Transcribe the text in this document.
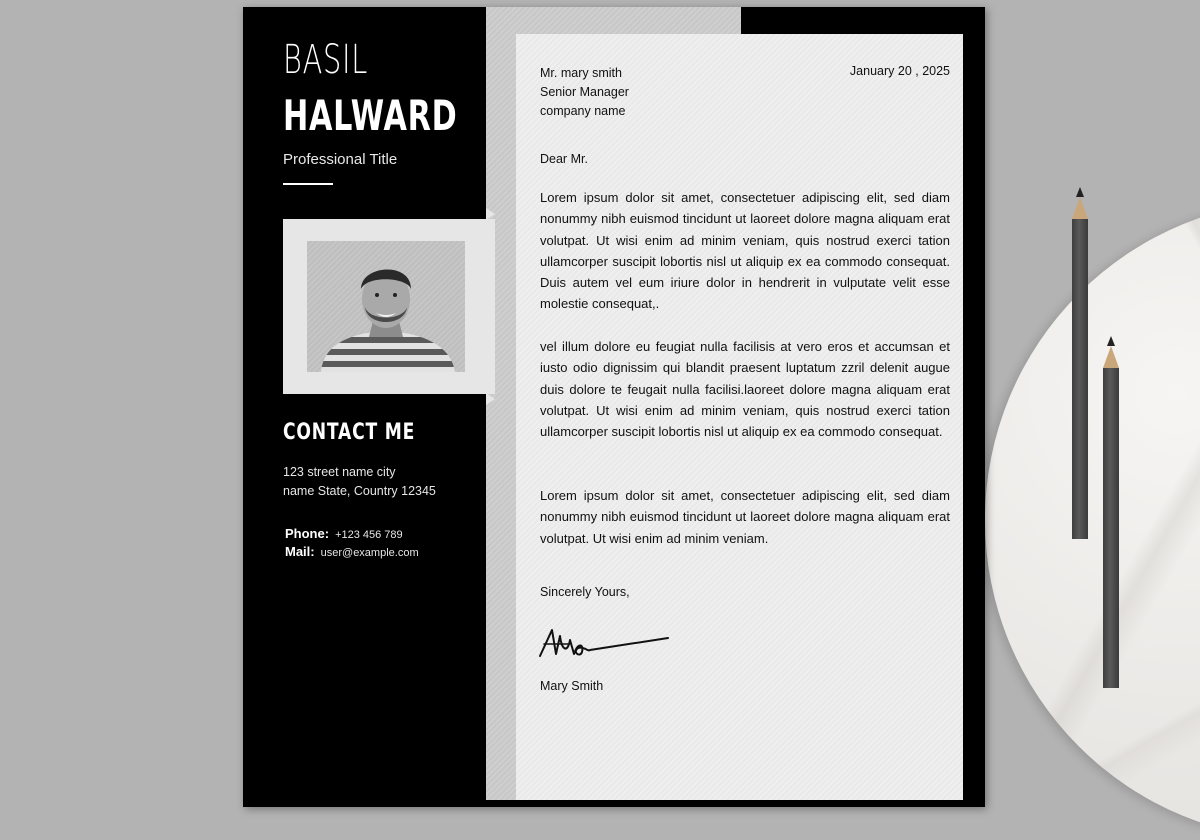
BASIL
HALWARD
Professional Title
CONTACT ME
123 street name city
name State, Country 12345
Phone: +123 456 789
Mail: user@example.com
Mr. mary smith
Senior Manager
company name
January 20 , 2025
Dear Mr.

Lorem ipsum dolor sit amet, consectetuer adipiscing elit, sed diam nonummy nibh euismod tincidunt ut laoreet dolore magna aliquam erat volutpat. Ut wisi enim ad minim veniam, quis nostrud exerci tation ullamcorper suscipit lobortis nisl ut aliquip ex ea commodo consequat. Duis autem vel eum iriure dolor in hendrerit in vulputate velit esse molestie consequat,.

vel illum dolore eu feugiat nulla facilisis at vero eros et accumsan et iusto odio dignissim qui blandit praesent luptatum zzril delenit augue duis dolore te feugait nulla facilisi.laoreet dolore magna aliquam erat volutpat. Ut wisi enim ad minim veniam, quis nostrud exerci tation ullamcorper suscipit lobortis nisl ut aliquip ex ea commodo consequat.

Lorem ipsum dolor sit amet, consectetuer adipiscing elit, sed diam nonummy nibh euismod tincidunt ut laoreet dolore magna aliquam erat volutpat. Ut wisi enim ad minim veniam.

Sincerely Yours,
Mary Smith
